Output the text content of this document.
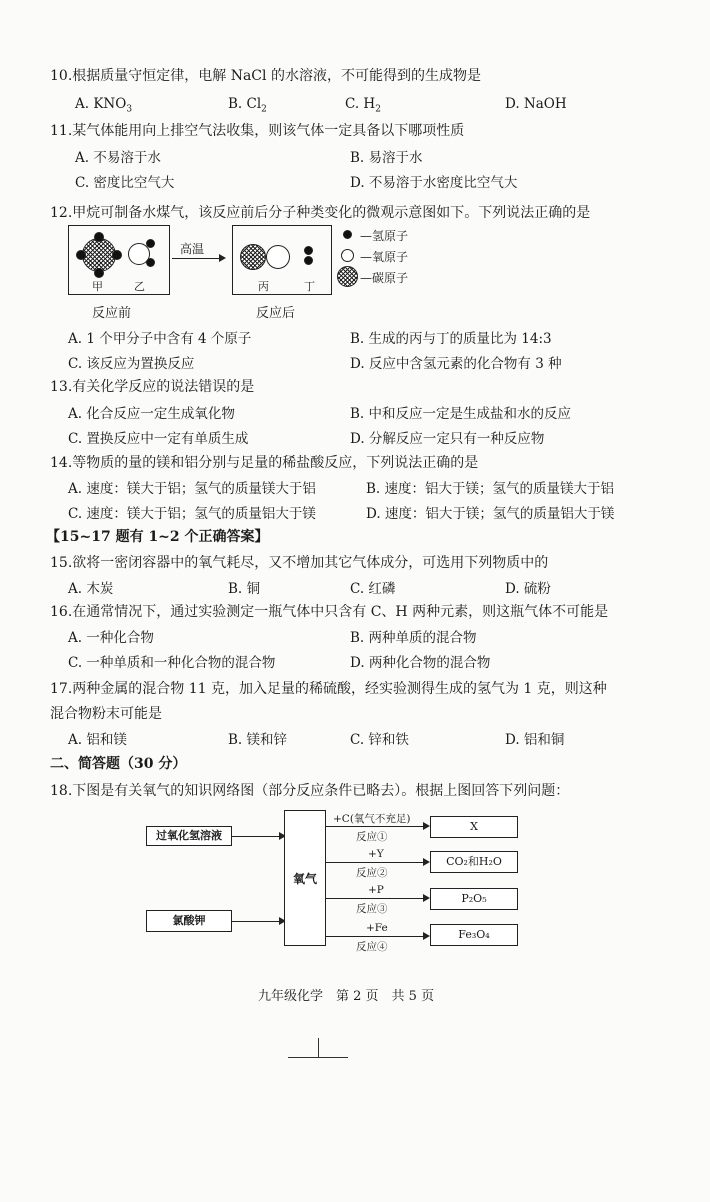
10.根据质量守恒定律，电解 NaCl 的水溶液，不可能得到的生成物是
A. $KNO_3$	B. $Cl_2$	C. $H_2$	D. NaOH
11.某气体能用向上排空气法收集，则该气体一定具备以下哪项性质
A. 不易溶于水	B. 易溶于水
C. 密度比空气大	D. 不易溶于水密度比空气大
12.甲烷可制备水煤气，该反应前后分子种类变化的微观示意图如下。下列说法正确的是
甲	乙
高温
丙	丁
—氢原子
—氧原子
—碳原子
反应前	反应后
A. 1 个甲分子中含有 4 个原子	B. 生成的丙与丁的质量比为 14:3
C. 该反应为置换反应	D. 反应中含氢元素的化合物有 3 种
13.有关化学反应的说法错误的是
A. 化合反应一定生成氧化物	B. 中和反应一定是生成盐和水的反应
C. 置换反应中一定有单质生成	D. 分解反应一定只有一种反应物
14.等物质的量的镁和铝分别与足量的稀盐酸反应，下列说法正确的是
A. 速度：镁大于铝；氢气的质量镁大于铝	B. 速度：铝大于镁；氢气的质量镁大于铝
C. 速度：镁大于铝；氢气的质量铝大于镁	D. 速度：铝大于镁；氢气的质量铝大于镁
【15~17 题有 1~2 个正确答案】
15.欲将一密闭容器中的氧气耗尽，又不增加其它气体成分，可选用下列物质中的
A. 木炭	B. 铜	C. 红磷	D. 硫粉
16.在通常情况下，通过实验测定一瓶气体中只含有 C、H 两种元素，则这瓶气体不可能是
A. 一种化合物	B. 两种单质的混合物
C. 一种单质和一种化合物的混合物	D. 两种化合物的混合物
17.两种金属的混合物 11 克，加入足量的稀硫酸，经实验测得生成的氢气为 1 克，则这种
混合物粉末可能是
A. 铝和镁	B. 镁和锌	C. 锌和铁	D. 铝和铜
二、简答题（30 分）
18.下图是有关氧气的知识网络图（部分反应条件已略去）。根据上图回答下列问题：
过氧化氢溶液
氯酸钾
氧气
+C(氧气不充足)
反应①
X
+Y
反应②
CO₂和H₂O
+P
反应③
P₂O₅
+Fe
反应④
Fe₃O₄
九年级化学　第 2 页　共 5 页
